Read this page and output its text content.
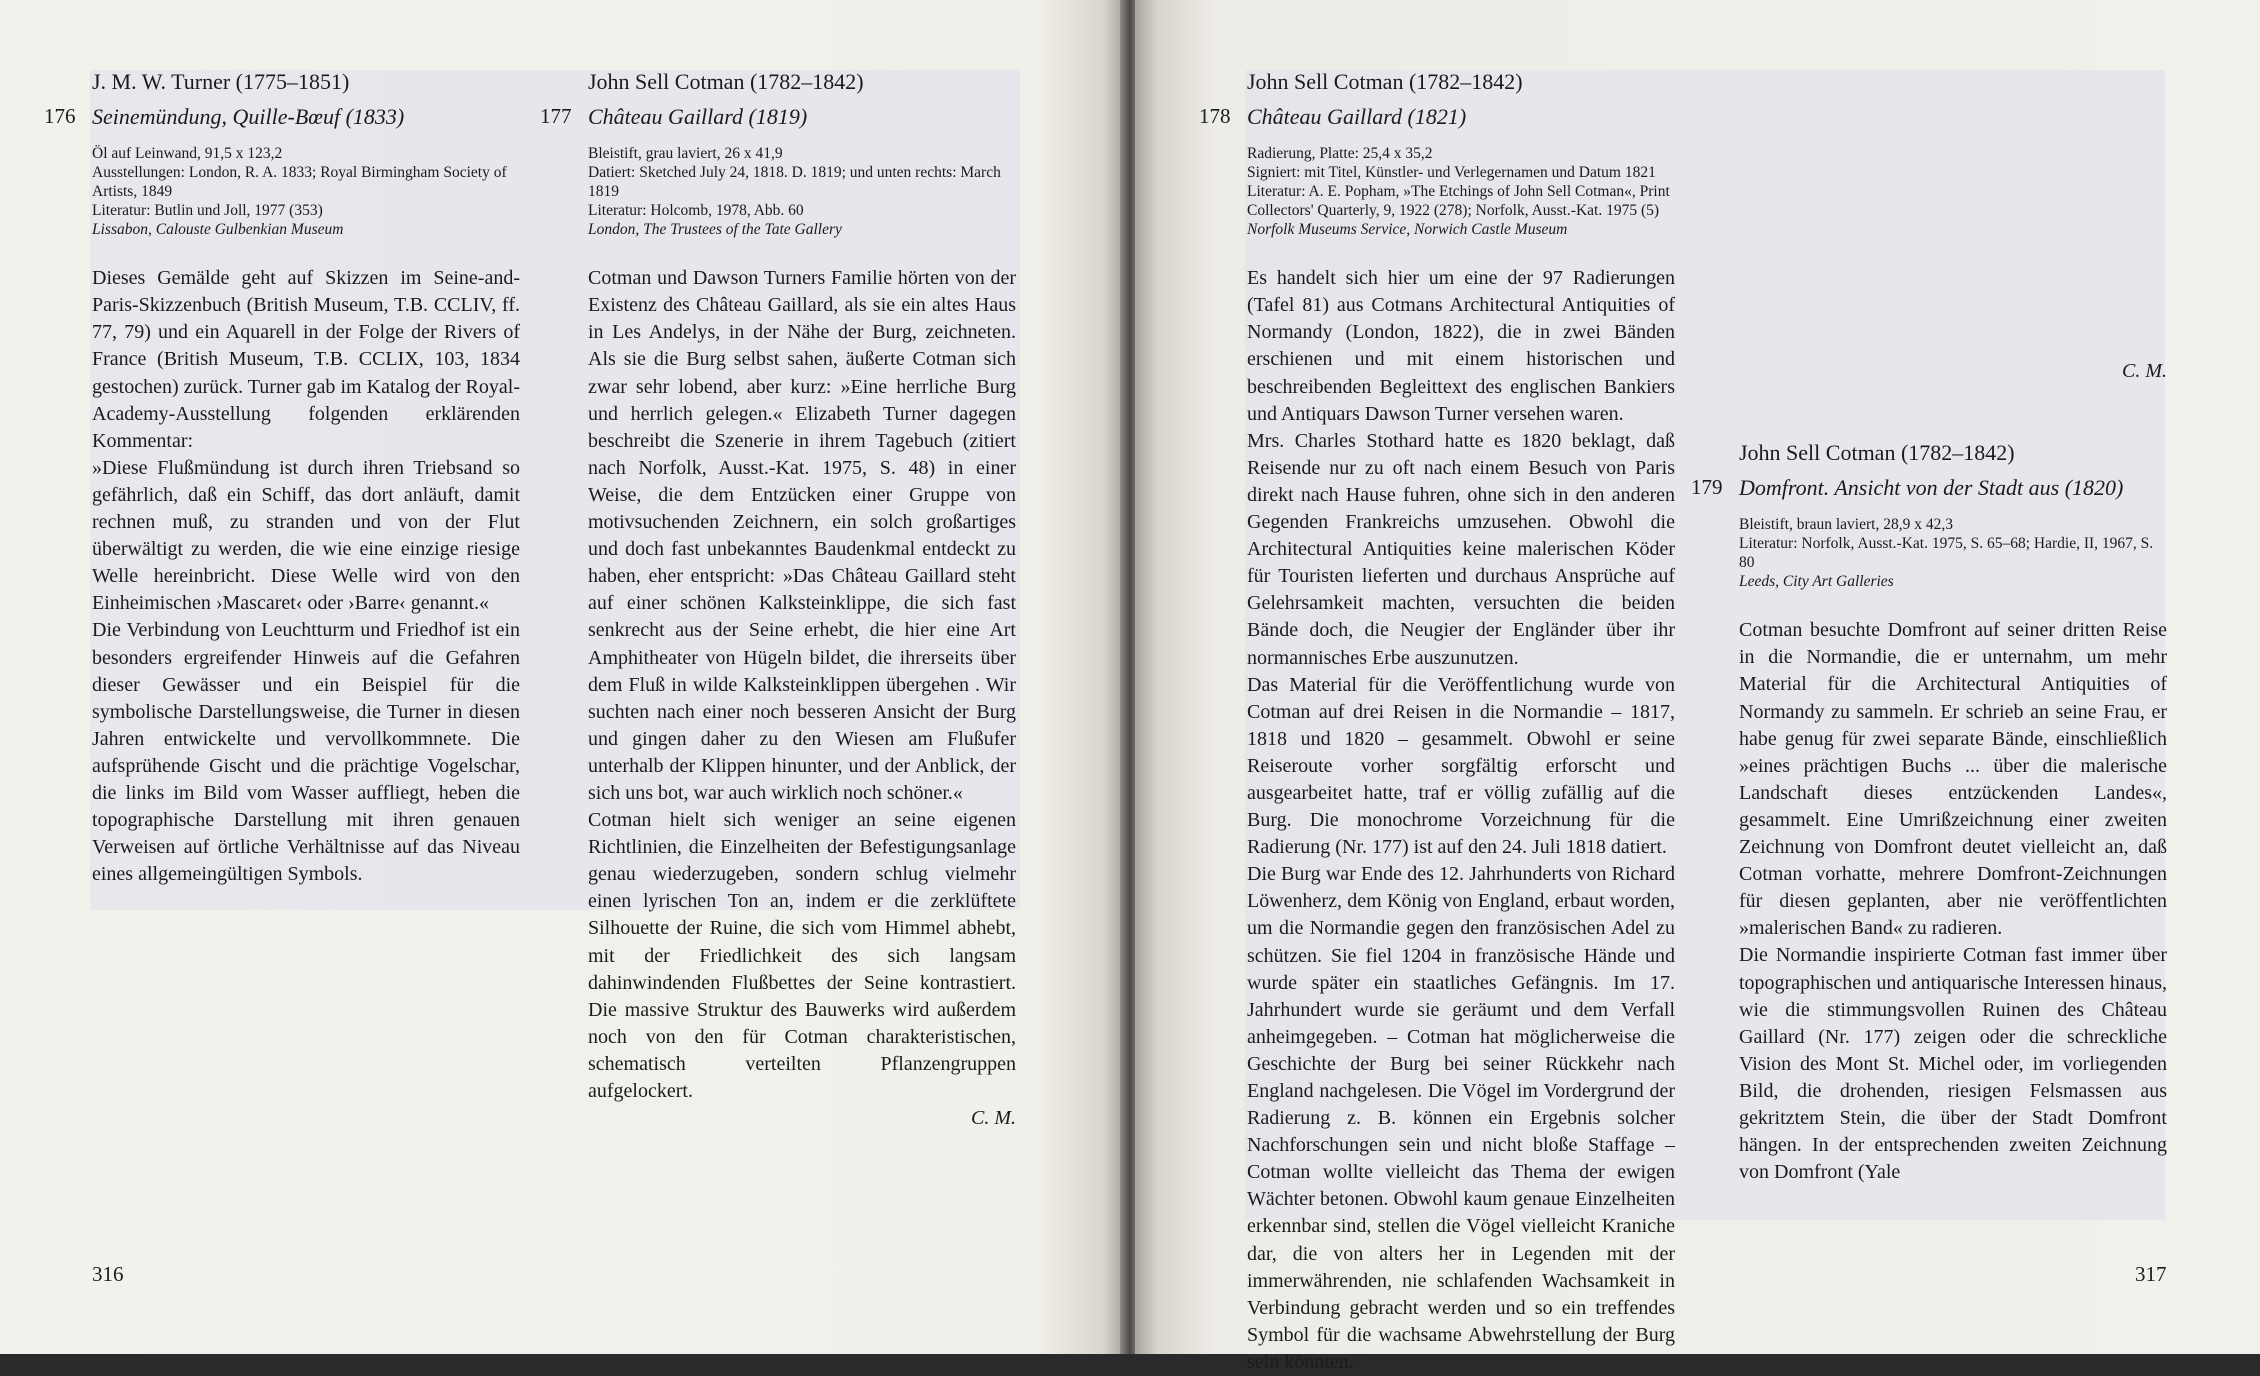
J. M. W. Turner (1775–1851)
176 Seinemündung, Quille-Bœuf (1833)
Öl auf Leinwand, 91,5 x 123,2
Ausstellungen: London, R. A. 1833; Royal Birmingham Society of Artists, 1849
Literatur: Butlin und Joll, 1977 (353)
Lissabon, Calouste Gulbenkian Museum

Dieses Gemälde geht auf Skizzen im Seine-and-Paris-Skizzenbuch (British Museum, T.B. CCLIV, ff. 77, 79) und ein Aquarell in der Folge der Rivers of France (British Museum, T.B. CCLIX, 103, 1834 gestochen) zurück. Turner gab im Katalog der Royal-Academy-Ausstellung folgenden erklärenden Kommentar:

»Diese Flußmündung ist durch ihren Triebsand so gefährlich, daß ein Schiff, das dort anläuft, damit rechnen muß, zu stranden und von der Flut überwältigt zu werden, die wie eine einzige riesige Welle hereinbricht. Diese Welle wird von den Einheimischen ›Mascaret‹ oder ›Barre‹ genannt.«

Die Verbindung von Leuchtturm und Friedhof ist ein besonders ergreifender Hinweis auf die Gefahren dieser Gewässer und ein Beispiel für die symbolische Darstellungsweise, die Turner in diesen Jahren entwickelte und vervollkommnete. Die aufsprühende Gischt und die prächtige Vogelschar, die links im Bild vom Wasser auffliegt, heben die topographische Darstellung mit ihren genauen Verweisen auf örtliche Verhältnisse auf das Niveau eines allgemeingültigen Symbols.

John Sell Cotman (1782–1842)
177 Château Gaillard (1819)
Bleistift, grau laviert, 26 x 41,9
Datiert: Sketched July 24, 1818. D. 1819; und unten rechts: March 1819
Literatur: Holcomb, 1978, Abb. 60
London, The Trustees of the Tate Gallery

Cotman und Dawson Turners Familie hörten von der Existenz des Château Gaillard, als sie ein altes Haus in Les Andelys, in der Nähe der Burg, zeichneten. Als sie die Burg selbst sahen, äußerte Cotman sich zwar sehr lobend, aber kurz: »Eine herrliche Burg und herrlich gelegen.« Elizabeth Turner dagegen beschreibt die Szenerie in ihrem Tagebuch (zitiert nach Norfolk, Ausst.-Kat. 1975, S. 48) in einer Weise, die dem Entzücken einer Gruppe von motivsuchenden Zeichnern, ein solch großartiges und doch fast unbekanntes Baudenkmal entdeckt zu haben, eher entspricht: »Das Château Gaillard steht auf einer schönen Kalksteinklippe, die sich fast senkrecht aus der Seine erhebt, die hier eine Art Amphitheater von Hügeln bildet, die ihrerseits über dem Fluß in wilde Kalksteinklippen übergehen . Wir suchten nach einer noch besseren Ansicht der Burg und gingen daher zu den Wiesen am Flußufer unterhalb der Klippen hinunter, und der Anblick, der sich uns bot, war auch wirklich noch schöner.«

Cotman hielt sich weniger an seine eigenen Richtlinien, die Einzelheiten der Befestigungsanlage genau wiederzugeben, sondern schlug vielmehr einen lyrischen Ton an, indem er die zerklüftete Silhouette der Ruine, die sich vom Himmel abhebt, mit der Friedlichkeit des sich langsam dahinwindenden Flußbettes der Seine kontrastiert. Die massive Struktur des Bauwerks wird außerdem noch von den für Cotman charakteristischen, schematisch verteilten Pflanzengruppen aufgelockert.

C. M.
316
John Sell Cotman (1782–1842)
178 Château Gaillard (1821)
Radierung, Platte: 25,4 x 35,2
Signiert: mit Titel, Künstler- und Verlegernamen und Datum 1821
Literatur: A. E. Popham, »The Etchings of John Sell Cotman«, Print Collectors' Quarterly, 9, 1922 (278); Norfolk, Ausst.-Kat. 1975 (5)
Norfolk Museums Service, Norwich Castle Museum

Es handelt sich hier um eine der 97 Radierungen (Tafel 81) aus Cotmans Architectural Antiquities of Normandy (London, 1822), die in zwei Bänden erschienen und mit einem historischen und beschreibenden Begleittext des englischen Bankiers und Antiquars Dawson Turner versehen waren.

Mrs. Charles Stothard hatte es 1820 beklagt, daß Reisende nur zu oft nach einem Besuch von Paris direkt nach Hause fuhren, ohne sich in den anderen Gegenden Frankreichs umzusehen. Obwohl die Architectural Antiquities keine malerischen Köder für Touristen lieferten und durchaus Ansprüche auf Gelehrsamkeit machten, versuchten die beiden Bände doch, die Neugier der Engländer über ihr normannisches Erbe auszunutzen.

Das Material für die Veröffentlichung wurde von Cotman auf drei Reisen in die Normandie – 1817, 1818 und 1820 – gesammelt. Obwohl er seine Reiseroute vorher sorgfältig erforscht und ausgearbeitet hatte, traf er völlig zufällig auf die Burg. Die monochrome Vorzeichnung für die Radierung (Nr. 177) ist auf den 24. Juli 1818 datiert.

Die Burg war Ende des 12. Jahrhunderts von Richard Löwenherz, dem König von England, erbaut worden, um die Normandie gegen den französischen Adel zu schützen. Sie fiel 1204 in französische Hände und wurde später ein staatliches Gefängnis. Im 17. Jahrhundert wurde sie geräumt und dem Verfall anheimgegeben. – Cotman hat möglicherweise die Geschichte der Burg bei seiner Rückkehr nach England nachgelesen. Die Vögel im Vordergrund der Radierung z. B. können ein Ergebnis solcher Nachforschungen sein und nicht bloße Staffage – Cotman wollte vielleicht das Thema der ewigen Wächter betonen. Obwohl kaum genaue Einzelheiten erkennbar sind, stellen die Vögel vielleicht Kraniche dar, die von alters her in Legenden mit der immerwährenden, nie schlafenden Wachsamkeit in Verbindung gebracht werden und so ein treffendes Symbol für die wachsame Abwehrstellung der Burg sein könnten.

C. M.
John Sell Cotman (1782–1842)
179 Domfront. Ansicht von der Stadt aus (1820)
Bleistift, braun laviert, 28,9 x 42,3
Literatur: Norfolk, Ausst.-Kat. 1975, S. 65–68; Hardie, II, 1967, S. 80
Leeds, City Art Galleries

Cotman besuchte Domfront auf seiner dritten Reise in die Normandie, die er unternahm, um mehr Material für die Architectural Antiquities of Normandy zu sammeln. Er schrieb an seine Frau, er habe genug für zwei separate Bände, einschließlich »eines prächtigen Buchs ... über die malerische Landschaft dieses entzückenden Landes«, gesammelt. Eine Umrißzeichnung einer zweiten Zeichnung von Domfront deutet vielleicht an, daß Cotman vorhatte, mehrere Domfront-Zeichnungen für diesen geplanten, aber nie veröffentlichten »malerischen Band« zu radieren.

Die Normandie inspirierte Cotman fast immer über topographischen und antiquarische Interessen hinaus, wie die stimmungsvollen Ruinen des Château Gaillard (Nr. 177) zeigen oder die schreckliche Vision des Mont St. Michel oder, im vorliegenden Bild, die drohenden, riesigen Felsmassen aus gekritztem Stein, die über der Stadt Domfront hängen. In der entsprechenden zweiten Zeichnung von Domfront (Yale

317
